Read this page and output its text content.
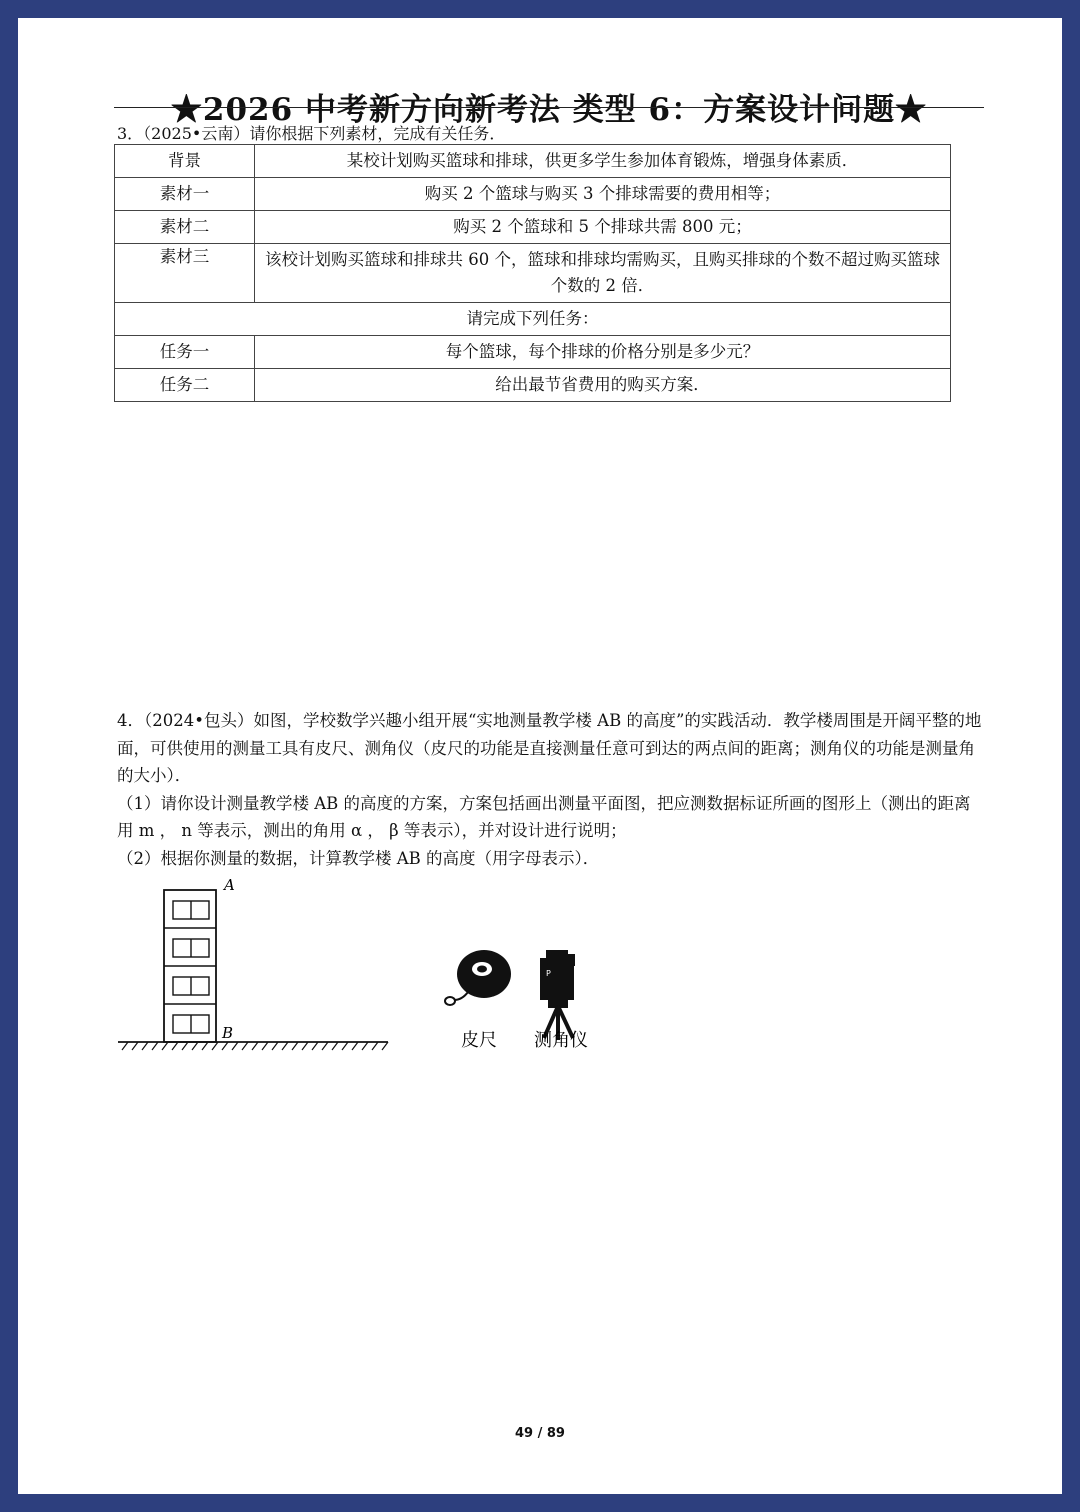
★2026 中考新方向新考法 类型 6：方案设计问题★
3．（2025•云南）请你根据下列素材，完成有关任务．
背景	某校计划购买篮球和排球，供更多学生参加体育锻炼，增强身体素质．
素材一	购买 2 个篮球与购买 3 个排球需要的费用相等；
素材二	购买 2 个篮球和 5 个排球共需 800 元；
素材三	该校计划购买篮球和排球共 60 个，篮球和排球均需购买，且购买排球的个数不超过购买篮球个数的 2 倍．
请完成下列任务：	
任务一	每个篮球，每个排球的价格分别是多少元？
任务二	给出最节省费用的购买方案．

4．（2024•包头）如图，学校数学兴趣小组开展“实地测量教学楼 AB 的高度”的实践活动．教学楼周围是开阔平整的地面，可供使用的测量工具有皮尺、测角仪（皮尺的功能是直接测量任意可到达的两点间的距离；测角仪的功能是测量角的大小）．

（1）请你设计测量教学楼 AB 的高度的方案，方案包括画出测量平面图，把应测数据标证所画的图形上（测出的距离用 m ， n 等表示，测出的角用 α ， β 等表示），并对设计进行说明；

（2）根据你测量的数据，计算教学楼 AB 的高度（用字母表示）．

A
B	皮尺
P
测角仪
49 / 89
